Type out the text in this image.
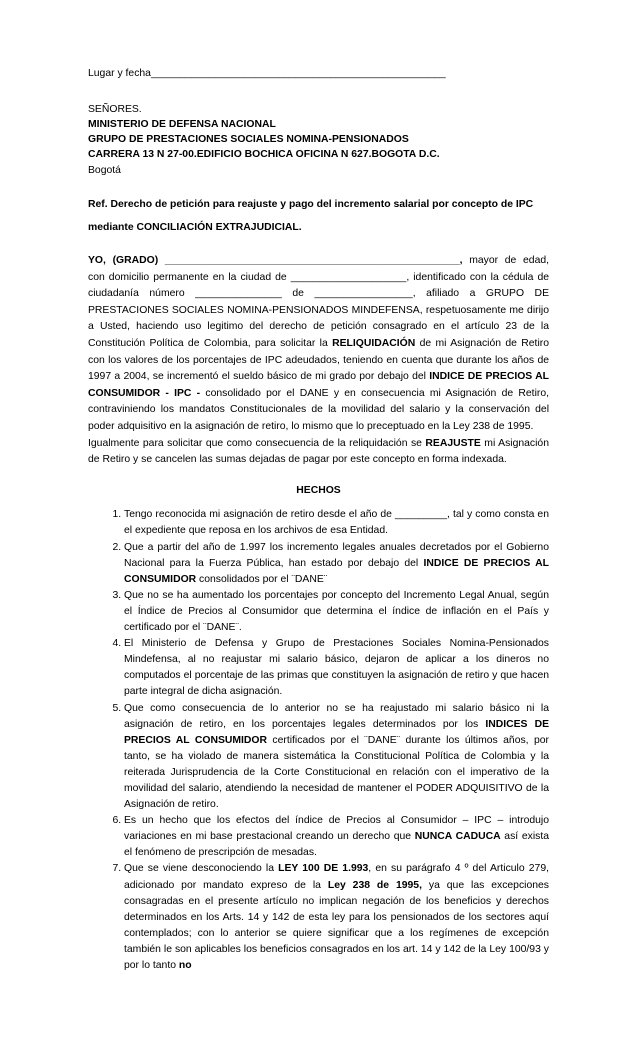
Lugar y fecha___________________________________________________

SEÑORES.

MINISTERIO DE DEFENSA NACIONAL

GRUPO DE PRESTACIONES SOCIALES NOMINA-PENSIONADOS

CARRERA 13 N 27-00.EDIFICIO BOCHICA OFICINA N 627.BOGOTA D.C.

Bogotá

Ref. Derecho de petición para reajuste y pago del incremento salarial por concepto de IPC mediante CONCILIACIÓN EXTRAJUDICIAL.

YO, (GRADO) ___________________________________________________, mayor de edad, con domicilio permanente en la ciudad de ____________________, identificado con la cédula de ciudadanía número _______________ de _________________, afiliado a GRUPO DE PRESTACIONES SOCIALES NOMINA-PENSIONADOS MINDEFENSA, respetuosamente me dirijo a Usted, haciendo uso legitimo del derecho de petición consagrado en el artículo 23 de la Constitución Política de Colombia, para solicitar la RELIQUIDACIÓN de mi Asignación de Retiro con los valores de los porcentajes de IPC adeudados, teniendo en cuenta que durante los años de 1997 a 2004, se incrementó el sueldo básico de mi grado por debajo del INDICE DE PRECIOS AL CONSUMIDOR - IPC - consolidado por el DANE y en consecuencia mi Asignación de Retiro, contraviniendo los mandatos Constitucionales de la movilidad del salario y la conservación del poder adquisitivo en la asignación de retiro, lo mismo que lo preceptuado en la Ley 238 de 1995.

Igualmente para solicitar que como consecuencia de la reliquidación se REAJUSTE mi Asignación de Retiro y se cancelen las sumas dejadas de pagar por este concepto en forma indexada.

HECHOS

1. Tengo reconocida mi asignación de retiro desde el año de _________, tal y como consta en el expediente que reposa en los archivos de esa Entidad.
2. Que a partir del año de 1.997 los incremento legales anuales decretados por el Gobierno Nacional para la Fuerza Pública, han estado por debajo del INDICE DE PRECIOS AL CONSUMIDOR consolidados por el ¨DANE¨
3. Que no se ha aumentado los porcentajes por concepto del Incremento Legal Anual, según el Índice de Precios al Consumidor que determina el índice de inflación en el País y certificado por el ¨DANE¨.
4. El Ministerio de Defensa y Grupo de Prestaciones Sociales Nomina-Pensionados Mindefensa, al no reajustar mi salario básico, dejaron de aplicar a los dineros no computados el porcentaje de las primas que constituyen la asignación de retiro y que hacen parte integral de dicha asignación.
5. Que como consecuencia de lo anterior no se ha reajustado mi salario básico ni la asignación de retiro, en los porcentajes legales determinados por los INDICES DE PRECIOS AL CONSUMIDOR certificados por el ¨DANE¨ durante los últimos años, por tanto, se ha violado de manera sistemática la Constitucional Política de Colombia y la reiterada Jurisprudencia de la Corte Constitucional en relación con el imperativo de la movilidad del salario, atendiendo la necesidad de mantener el PODER ADQUISITIVO de la Asignación de retiro.
6. Es un hecho que los efectos del índice de Precios al Consumidor – IPC – introdujo variaciones en mi base prestacional creando un derecho que NUNCA CADUCA así exista el fenómeno de prescripción de mesadas.
7. Que se viene desconociendo la LEY 100 DE 1.993, en su parágrafo 4 º del Articulo 279, adicionado por mandato expreso de la Ley 238 de 1995, ya que las excepciones consagradas en el presente artículo no implican negación de los beneficios y derechos determinados en los Arts. 14 y 142 de esta ley para los pensionados de los sectores aquí contemplados; con lo anterior se quiere significar que a los regímenes de excepción también le son aplicables los beneficios consagrados en los art. 14 y 142 de la Ley 100/93 y por lo tanto no
